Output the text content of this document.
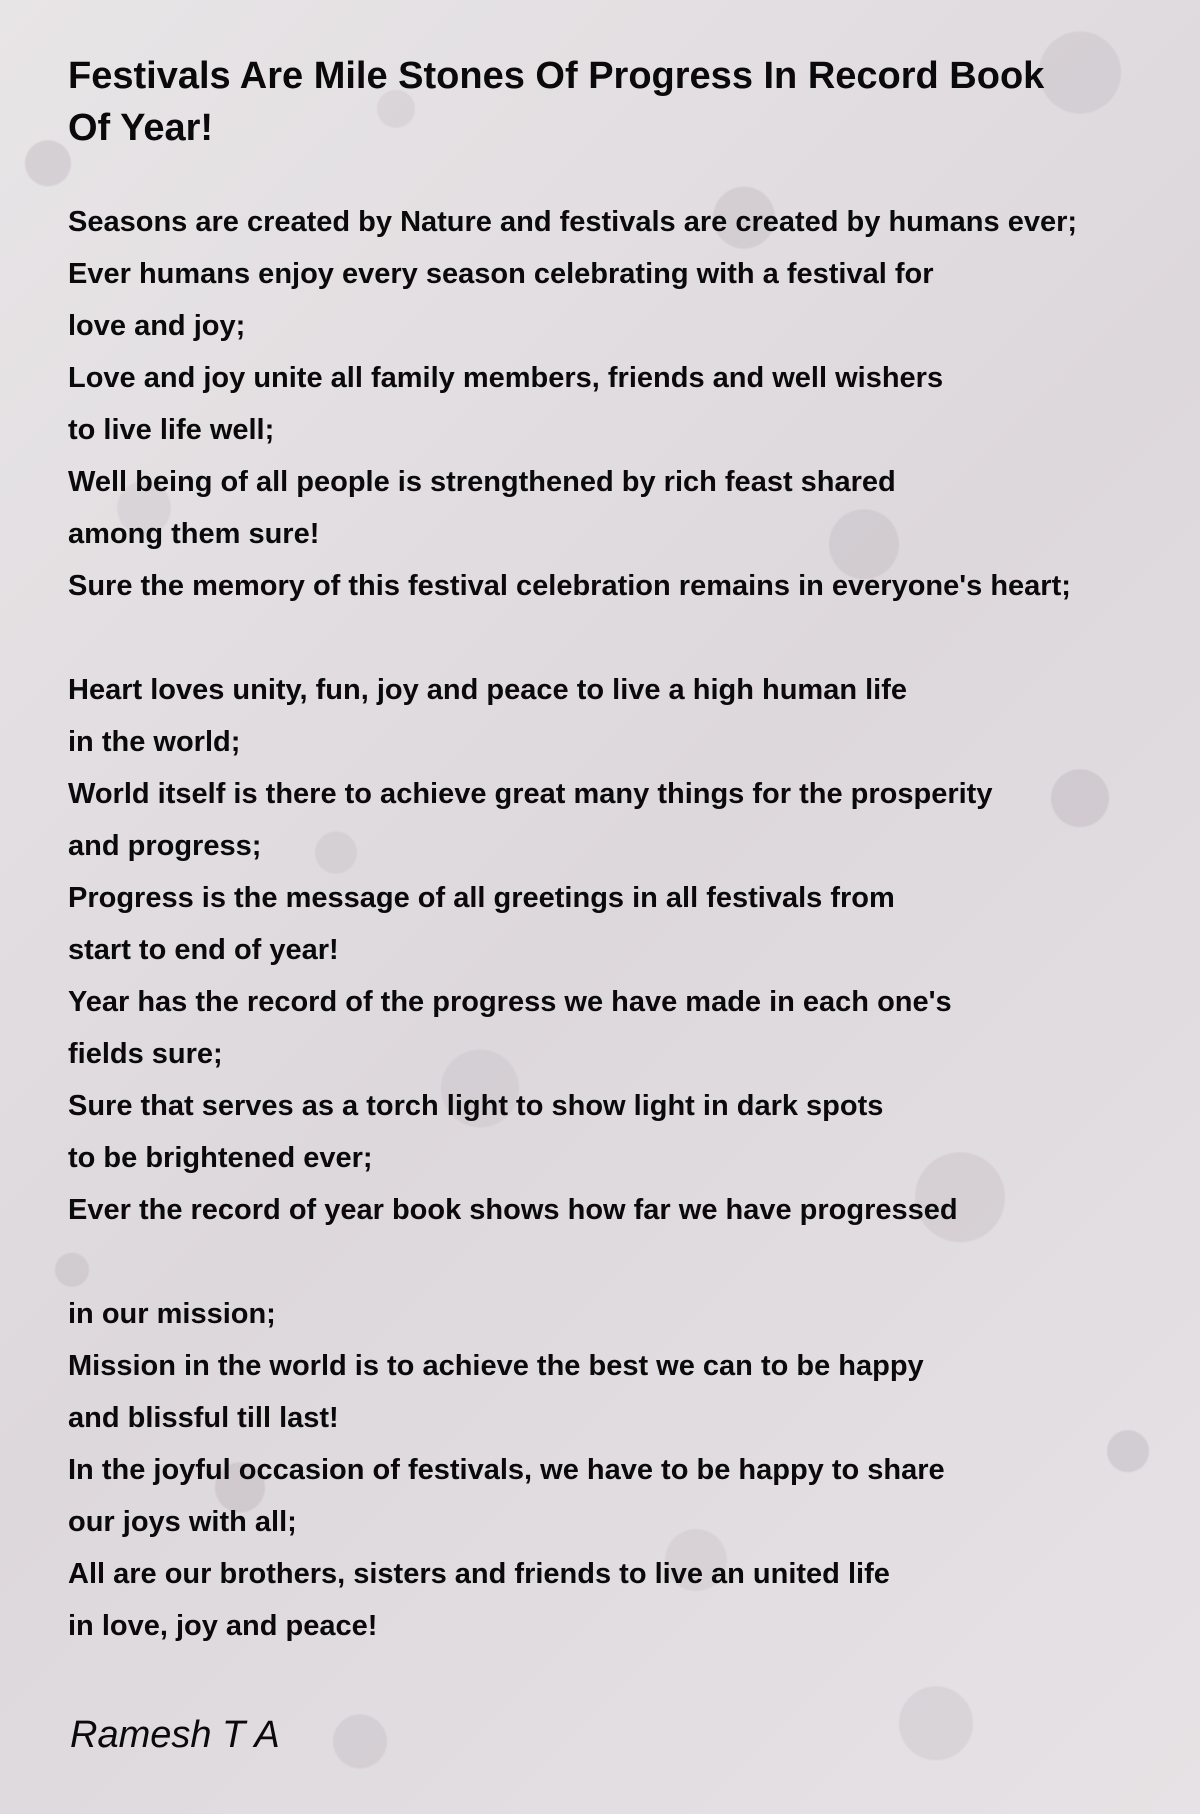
Festivals Are Mile Stones Of Progress In Record Book Of Year!
Seasons are created by Nature and festivals are created by humans ever;
Ever humans enjoy every season celebrating with a festival for
love and joy;
Love and joy unite all family members, friends and well wishers
to live life well;
Well being of all people is strengthened by rich feast shared
among them sure!
Sure the memory of this festival celebration remains in everyone's heart;
Heart loves unity, fun, joy and peace to live a high human life
in the world;
World itself is there to achieve great many things for the prosperity
and progress;
Progress is the message of all greetings in all festivals from
start to end of year!
Year has the record of the progress we have made in each one's
fields sure;
Sure that serves as a torch light to show light in dark spots
to be brightened ever;
Ever the record of year book shows how far we have progressed
in our mission;
Mission in the world is to achieve the best we can to be happy
and blissful till last!
In the joyful occasion of festivals, we have to be happy to share
our joys with all;
All are our brothers, sisters and friends to live an united life
in love, joy and peace!
Ramesh T A
